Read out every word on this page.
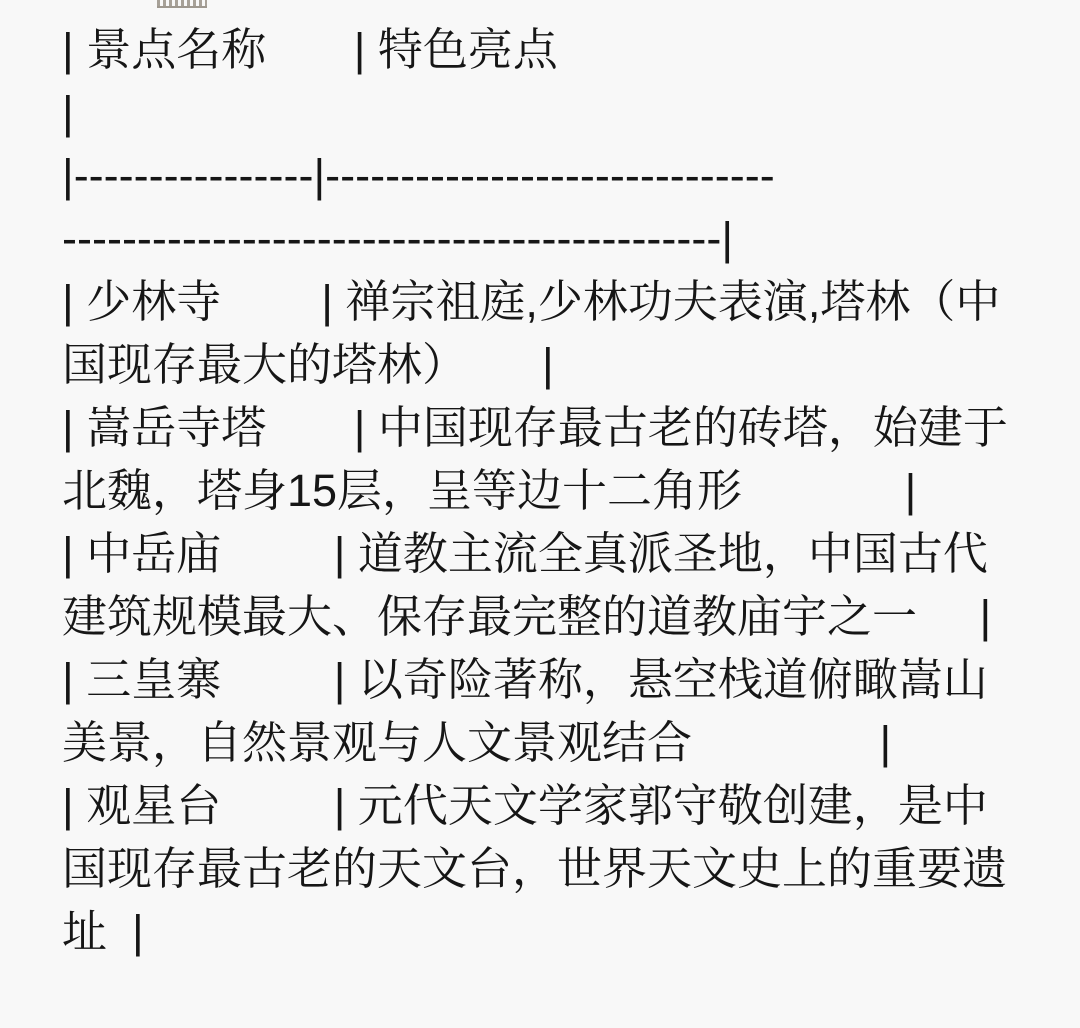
| 景点名称       | 特色亮点
|
|----------------|------------------------------
--------------------------------------------|
| 少林寺        | 禅宗祖庭,少林功夫表演,塔林（中
国现存最大的塔林）      |
| 嵩岳寺塔       | 中国现存最古老的砖塔，始建于
北魏，塔身15层，呈等边十二角形             |
| 中岳庙         | 道教主流全真派圣地，中国古代
建筑规模最大、保存最完整的道教庙宇之一     |
| 三皇寨         | 以奇险著称，悬空栈道俯瞰嵩山
美景，自然景观与人文景观结合               |
| 观星台         | 元代天文学家郭守敬创建，是中
国现存最古老的天文台，世界天文史上的重要遗
址  |
